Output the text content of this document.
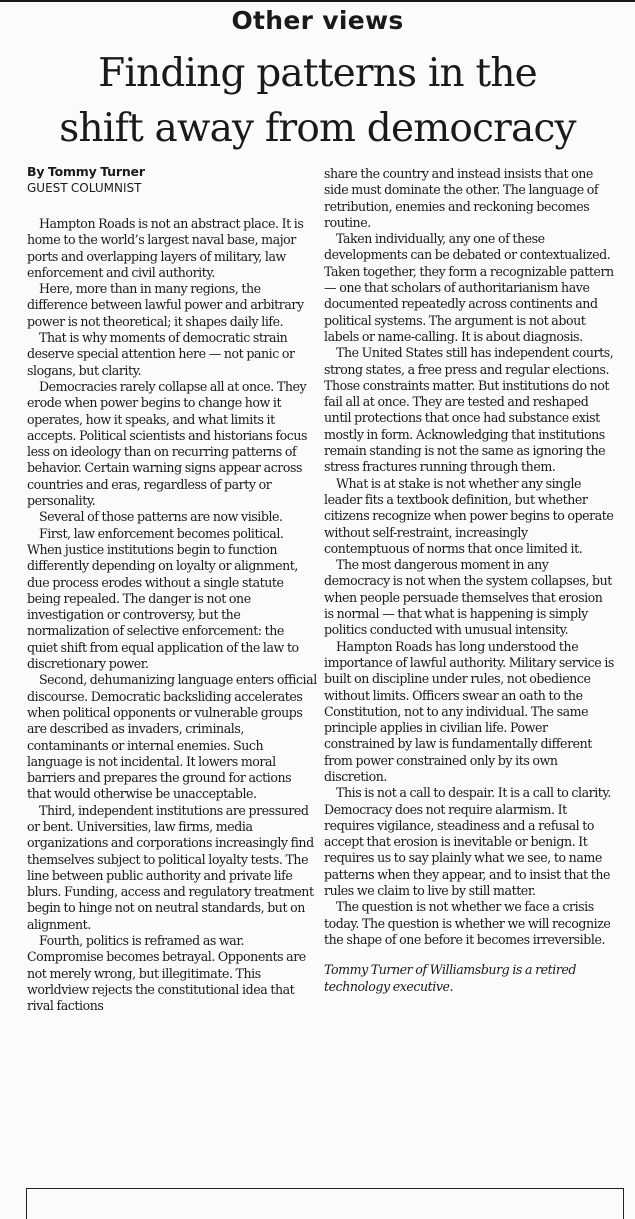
Other views
Finding patterns in the
shift away from democracy
By Tommy Turner
GUEST COLUMNIST

Hampton Roads is not an abstract place. It is home to the world’s largest naval base, major ports and overlapping layers of military, law enforcement and civil authority.

Here, more than in many regions, the difference between lawful power and arbitrary power is not theoretical; it shapes daily life.

That is why moments of democratic strain deserve special attention here — not panic or slogans, but clarity.

Democracies rarely collapse all at once. They erode when power begins to change how it operates, how it speaks, and what limits it accepts. Political scientists and historians focus less on ideology than on recurring patterns of behavior. Certain warning signs appear across countries and eras, regardless of party or personality.

Several of those patterns are now visible.

First, law enforcement becomes political. When justice institutions begin to function differently depending on loyalty or alignment, due process erodes without a single statute being repealed. The danger is not one investigation or controversy, but the normalization of selective enforcement: the quiet shift from equal application of the law to discretionary power.

Second, dehumanizing language enters official discourse. Democratic backsliding accelerates when political opponents or vulnerable groups are described as invaders, criminals, contaminants or internal enemies. Such language is not incidental. It lowers moral barriers and prepares the ground for actions that would otherwise be unacceptable.

Third, independent institutions are pressured or bent. Universities, law firms, media organizations and corporations increasingly find themselves subject to political loyalty tests. The line between public authority and private life blurs. Funding, access and regulatory treatment begin to hinge not on neutral standards, but on alignment.

Fourth, politics is reframed as war. Compromise becomes betrayal. Opponents are not merely wrong, but illegitimate. This worldview rejects the constitutional idea that rival factions

share the country and instead insists that one side must dominate the other. The language of retribution, enemies and reckoning becomes routine.

Taken individually, any one of these developments can be debated or contextualized. Taken together, they form a recognizable pattern — one that scholars of authoritarianism have documented repeatedly across continents and political systems. The argument is not about labels or name-calling. It is about diagnosis.

The United States still has independent courts, strong states, a free press and regular elections. Those constraints matter. But institutions do not fail all at once. They are tested and reshaped until protections that once had substance exist mostly in form. Acknowledging that institutions remain standing is not the same as ignoring the stress fractures running through them.

What is at stake is not whether any single leader fits a textbook definition, but whether citizens recognize when power begins to operate without self-restraint, increasingly contemptuous of norms that once limited it.

The most dangerous moment in any democracy is not when the system collapses, but when people persuade themselves that erosion is normal — that what is happening is simply politics conducted with unusual intensity.

Hampton Roads has long understood the importance of lawful authority. Military service is built on discipline under rules, not obedience without limits. Officers swear an oath to the Constitution, not to any individual. The same principle applies in civilian life. Power constrained by law is fundamentally different from power constrained only by its own discretion.

This is not a call to despair. It is a call to clarity. Democracy does not require alarmism. It requires vigilance, steadiness and a refusal to accept that erosion is inevitable or benign. It requires us to say plainly what we see, to name patterns when they appear, and to insist that the rules we claim to live by still matter.

The question is not whether we face a crisis today. The question is whether we will recognize the shape of one before it becomes irreversible.

Tommy Turner of Williamsburg is a retired technology executive.
